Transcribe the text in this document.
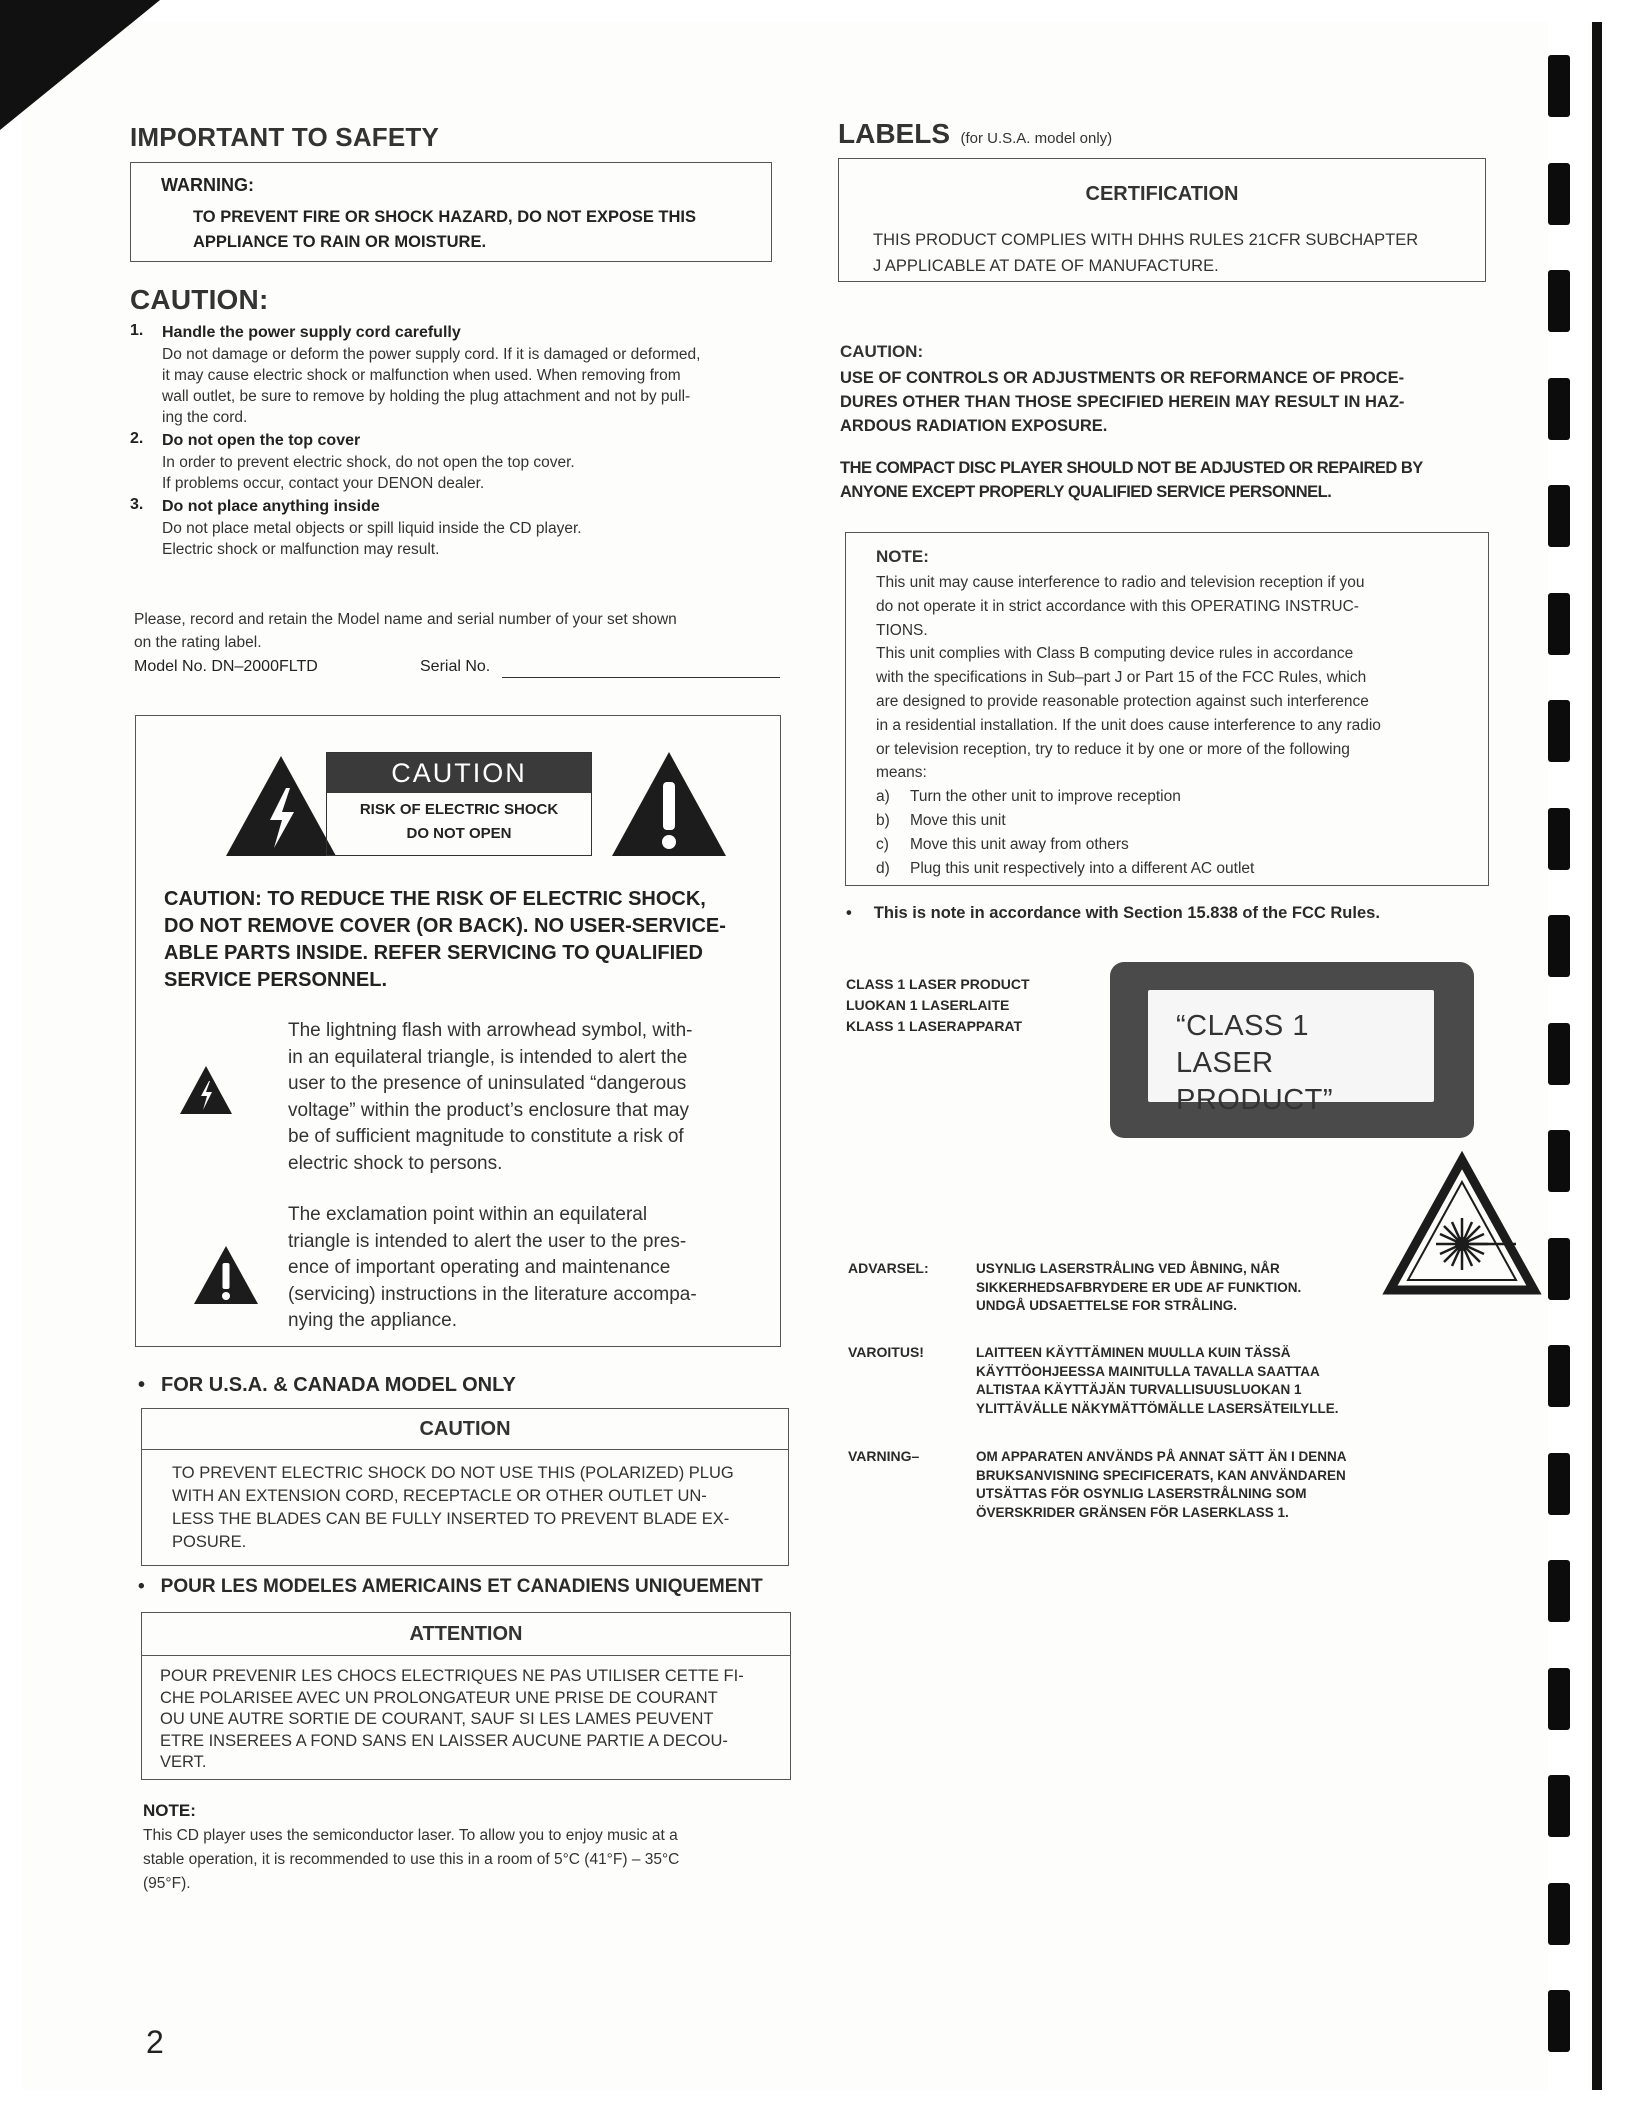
IMPORTANT TO SAFETY
WARNING:
TO PREVENT FIRE OR SHOCK HAZARD, DO NOT EXPOSE THIS
APPLIANCE TO RAIN OR MOISTURE.
CAUTION:
1. Handle the power supply cord carefully
Do not damage or deform the power supply cord. If it is damaged or deformed,
it may cause electric shock or malfunction when used. When removing from
wall outlet, be sure to remove by holding the plug attachment and not by pull-
ing the cord.
2. Do not open the top cover
In order to prevent electric shock, do not open the top cover.
If problems occur, contact your DENON dealer.
3. Do not place anything inside
Do not place metal objects or spill liquid inside the CD player.
Electric shock or malfunction may result.
Please, record and retain the Model name and serial number of your set shown
on the rating label.
Model No. DN–2000FLTD	Serial No.
CAUTION
RISK OF ELECTRIC SHOCK
DO NOT OPEN
CAUTION: TO REDUCE THE RISK OF ELECTRIC SHOCK,
DO NOT REMOVE COVER (OR BACK). NO USER-SERVICE-
ABLE PARTS INSIDE. REFER SERVICING TO QUALIFIED
SERVICE PERSONNEL.
The lightning flash with arrowhead symbol, with-
in an equilateral triangle, is intended to alert the
user to the presence of uninsulated “dangerous
voltage” within the product’s enclosure that may
be of sufficient magnitude to constitute a risk of
electric shock to persons.
The exclamation point within an equilateral
triangle is intended to alert the user to the pres-
ence of important operating and maintenance
(servicing) instructions in the literature accompa-
nying the appliance.
• FOR U.S.A. & CANADA MODEL ONLY
CAUTION
TO PREVENT ELECTRIC SHOCK DO NOT USE THIS (POLARIZED) PLUG
WITH AN EXTENSION CORD, RECEPTACLE OR OTHER OUTLET UN-
LESS THE BLADES CAN BE FULLY INSERTED TO PREVENT BLADE EX-
POSURE.
• POUR LES MODELES AMERICAINS ET CANADIENS UNIQUEMENT
ATTENTION
POUR PREVENIR LES CHOCS ELECTRIQUES NE PAS UTILISER CETTE FI-
CHE POLARISEE AVEC UN PROLONGATEUR UNE PRISE DE COURANT
OU UNE AUTRE SORTIE DE COURANT, SAUF SI LES LAMES PEUVENT
ETRE INSEREES A FOND SANS EN LAISSER AUCUNE PARTIE A DECOU-
VERT.
NOTE:
This CD player uses the semiconductor laser. To allow you to enjoy music at a
stable operation, it is recommended to use this in a room of 5°C (41°F) – 35°C
(95°F).
2
LABELS (for U.S.A. model only)
CERTIFICATION
THIS PRODUCT COMPLIES WITH DHHS RULES 21CFR SUBCHAPTER
J APPLICABLE AT DATE OF MANUFACTURE.
CAUTION:
USE OF CONTROLS OR ADJUSTMENTS OR REFORMANCE OF PROCE-
DURES OTHER THAN THOSE SPECIFIED HEREIN MAY RESULT IN HAZ-
ARDOUS RADIATION EXPOSURE.
THE COMPACT DISC PLAYER SHOULD NOT BE ADJUSTED OR REPAIRED BY
ANYONE EXCEPT PROPERLY QUALIFIED SERVICE PERSONNEL.
NOTE:
This unit may cause interference to radio and television reception if you
do not operate it in strict accordance with this OPERATING INSTRUC-
TIONS.
This unit complies with Class B computing device rules in accordance
with the specifications in Sub–part J or Part 15 of the FCC Rules, which
are designed to provide reasonable protection against such interference
in a residential installation. If the unit does cause interference to any radio
or television reception, try to reduce it by one or more of the following
means:
a) Turn the other unit to improve reception
b) Move this unit
c) Move this unit away from others
d) Plug this unit respectively into a different AC outlet
• This is note in accordance with Section 15.838 of the FCC Rules.
CLASS 1 LASER PRODUCT
LUOKAN 1 LASERLAITE
KLASS 1 LASERAPPARAT	“CLASS 1
LASER PRODUCT”
ADVARSEL:	USYNLIG LASERSTRÅLING VED ÅBNING, NÅR
SIKKERHEDSAFBRYDERE ER UDE AF FUNKTION.
UNDGÅ UDSAETTELSE FOR STRÅLING.
VAROITUS!	LAITTEEN KÄYTTÄMINEN MUULLA KUIN TÄSSÄ
KÄYTTÖOHJEESSA MAINITULLA TAVALLA SAATTAA
ALTISTAA KÄYTTÄJÄN TURVALLISUUSLUOKAN 1
YLITTÄVÄLLE NÄKYMÄTTÖMÄLLE LASERSÄTEILYLLE.
VARNING–	OM APPARATEN ANVÄNDS PÅ ANNAT SÄTT ÄN I DENNA
BRUKSANVISNING SPECIFICERATS, KAN ANVÄNDAREN
UTSÄTTAS FÖR OSYNLIG LASERSTRÅLNING SOM
ÖVERSKRIDER GRÄNSEN FÖR LASERKLASS 1.
